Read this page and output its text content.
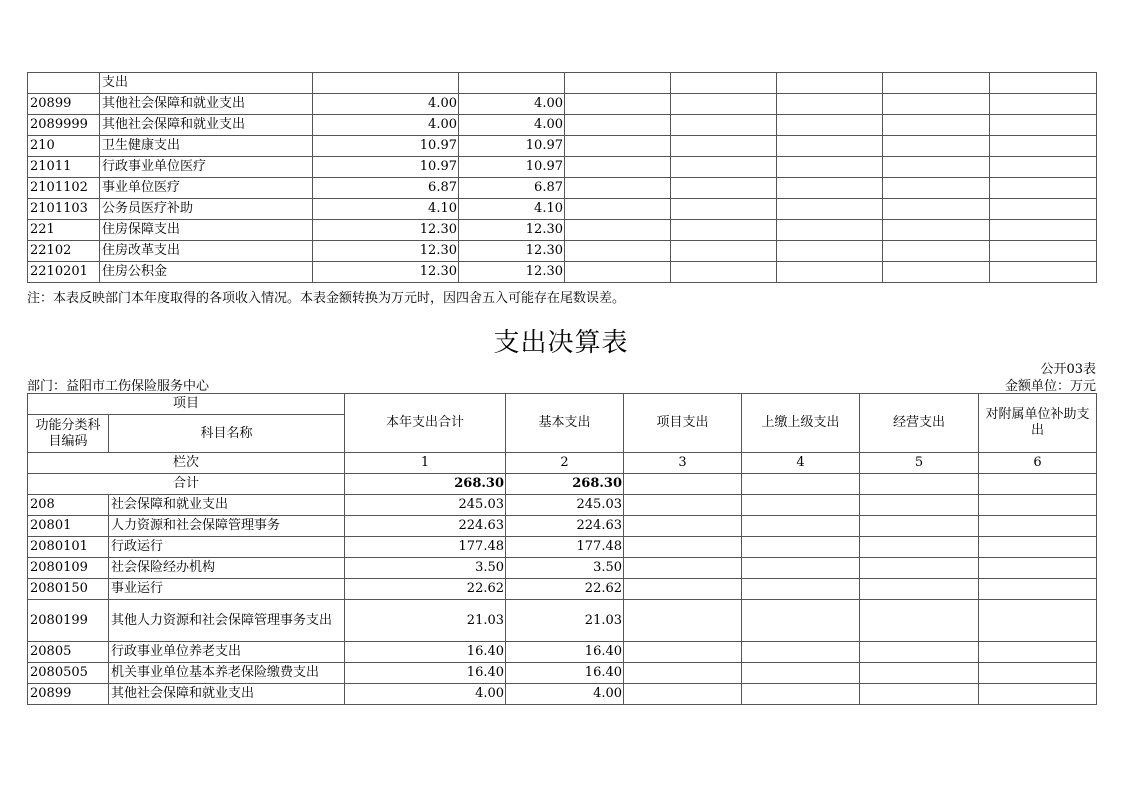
	支出							
20899	其他社会保障和就业支出	4.00	4.00					
2089999	其他社会保障和就业支出	4.00	4.00					
210	卫生健康支出	10.97	10.97					
21011	行政事业单位医疗	10.97	10.97					
2101102	事业单位医疗	6.87	6.87					
2101103	公务员医疗补助	4.10	4.10					
221	住房保障支出	12.30	12.30					
22102	住房改革支出	12.30	12.30					
2210201	住房公积金	12.30	12.30					
注：本表反映部门本年度取得的各项收入情况。本表金额转换为万元时，因四舍五入可能存在尾数误差。
支出决算表
公开03表
部门：益阳市工伤保险服务中心	金额单位：万元
项目		本年支出合计	基本支出	项目支出	上缴上级支出	经营支出	对附属单位补助支出
功能分类科目编码	科目名称						
栏次		1	2	3	4	5	6
合计		268.30	268.30				
208	社会保障和就业支出	245.03	245.03				
20801	人力资源和社会保障管理事务	224.63	224.63				
2080101	行政运行	177.48	177.48				
2080109	社会保险经办机构	3.50	3.50				
2080150	事业运行	22.62	22.62				
2080199	其他人力资源和社会保障管理事务支出	21.03	21.03				
20805	行政事业单位养老支出	16.40	16.40				
2080505	机关事业单位基本养老保险缴费支出	16.40	16.40				
20899	其他社会保障和就业支出	4.00	4.00				
